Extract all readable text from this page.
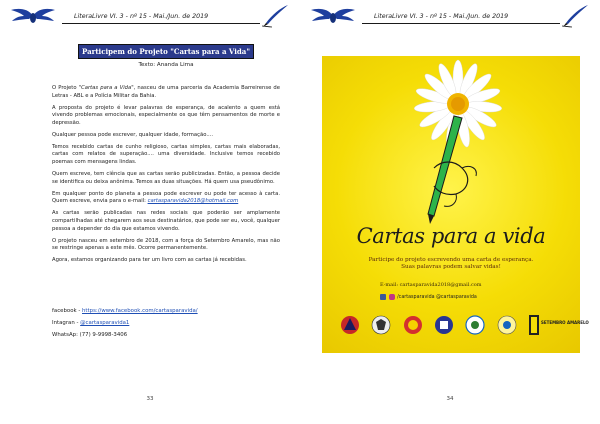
LiteraLivre VI. 3 - nº 15 - Mai./Jun. de 2019
Participem do Projeto "Cartas para a Vida"
Texto: Ananda Lima

O Projeto "Cartas para a Vida", nasceu de uma parceria da Academia Barreirense de Letras - ABL e a Polícia Militar da Bahia.

A proposta do projeto é levar palavras de esperança, de acalento a quem está vivendo problemas emocionais, especialmente os que têm pensamentos de morte e depressão.

Qualquer pessoa pode escrever, qualquer idade, formação....

Temos recebido cartas de cunho religioso, cartas simples, cartas mais elaboradas, cartas com relatos de superação.... uma diversidade. Inclusive temos recebido poemas com mensagens lindas.

Quem escreve, tem ciência que as cartas serão publicizadas. Então, a pessoa decide se identifica ou deixa anônima. Temos as duas situações. Há quem usa pseudônimo.

Em qualquer ponto do planeta a pessoa pode escrever ou pode ter acesso à carta. Quem escreve, envia para o e-mail: cartasparavida2018@hotmail.com

As cartas serão publicadas nas redes sociais que poderão ser amplamente compartilhadas até chegarem aos seus destinatários, que pode ser eu, você, qualquer pessoa a depender do dia que estamos vivendo.

O projeto nasceu em setembro de 2018, com a força do Setembro Amarelo, mas não se restringe apenas a este mês. Ocorre permanentemente.

Agora, estamos organizando para ter um livro com as cartas já recebidas.

facebook - https://www.facebook.com/cartasparavida/
Intagran - @cartasparavida1
WhatsAp: (77) 9-9998-3406
33
LiteraLivre VI. 3 - nº 15 - Mai./Jun. de 2019
Cartas para a vida
Participe do projeto escrevendo uma carta de esperança.
Suas palavras podem salvar vidas!
E-mail: cartasparavida2018@gmail.com
/cartasparavida @cartasparavida
SETEMBRO AMARELO
34
